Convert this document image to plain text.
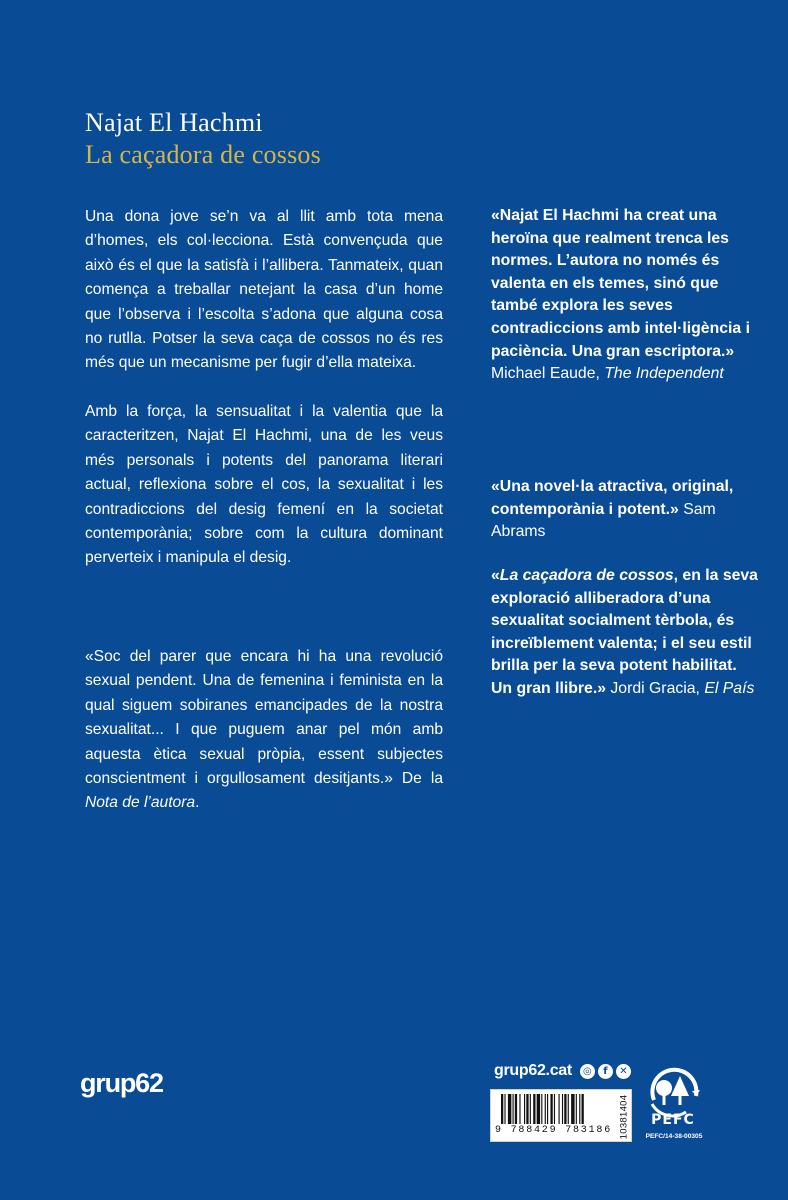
Najat El Hachmi
La caçadora de cossos

Una dona jove se’n va al llit amb tota mena d’homes, els col·lecciona. Està convençuda que això és el que la satisfà i l’allibera. Tanmateix, quan comença a treballar netejant la casa d’un home que l’observa i l’escolta s’adona que alguna cosa no rutlla. Potser la seva caça de cossos no és res més que un mecanisme per fugir d’ella mateixa.

Amb la força, la sensualitat i la valentia que la caracteritzen, Najat El Hachmi, una de les veus més personals i potents del panorama literari actual, reflexiona sobre el cos, la sexualitat i les contradiccions del desig femení en la societat contemporània; sobre com la cultura dominant perverteix i manipula el desig.

«Soc del parer que encara hi ha una revolució sexual pendent. Una de femenina i feminista en la qual siguem sobiranes emancipades de la nostra sexualitat... I que puguem anar pel món amb aquesta ètica sexual pròpia, essent subjectes conscientment i orgullosament desitjants.» De la Nota de l’autora.

«Najat El Hachmi ha creat una heroïna que realment trenca les normes. L’autora no només és valenta en els temes, sinó que també explora les seves contradiccions amb intel·ligència i paciència. Una gran escriptora.»
Michael Eaude, The Independent

«Una novel·la atractiva, original, contemporània i potent.» Sam Abrams

«La caçadora de cossos, en la seva exploració alliberadora d’una sexualitat socialment tèrbola, és increïblement valenta; i el seu estil brilla per la seva potent habilitat. Un gran llibre.» Jordi Gracia, El País

grup62	grup62.cat	◎	f	✕
9 788429 783186 10381404	PEFC
PEFC/14-38-00305
